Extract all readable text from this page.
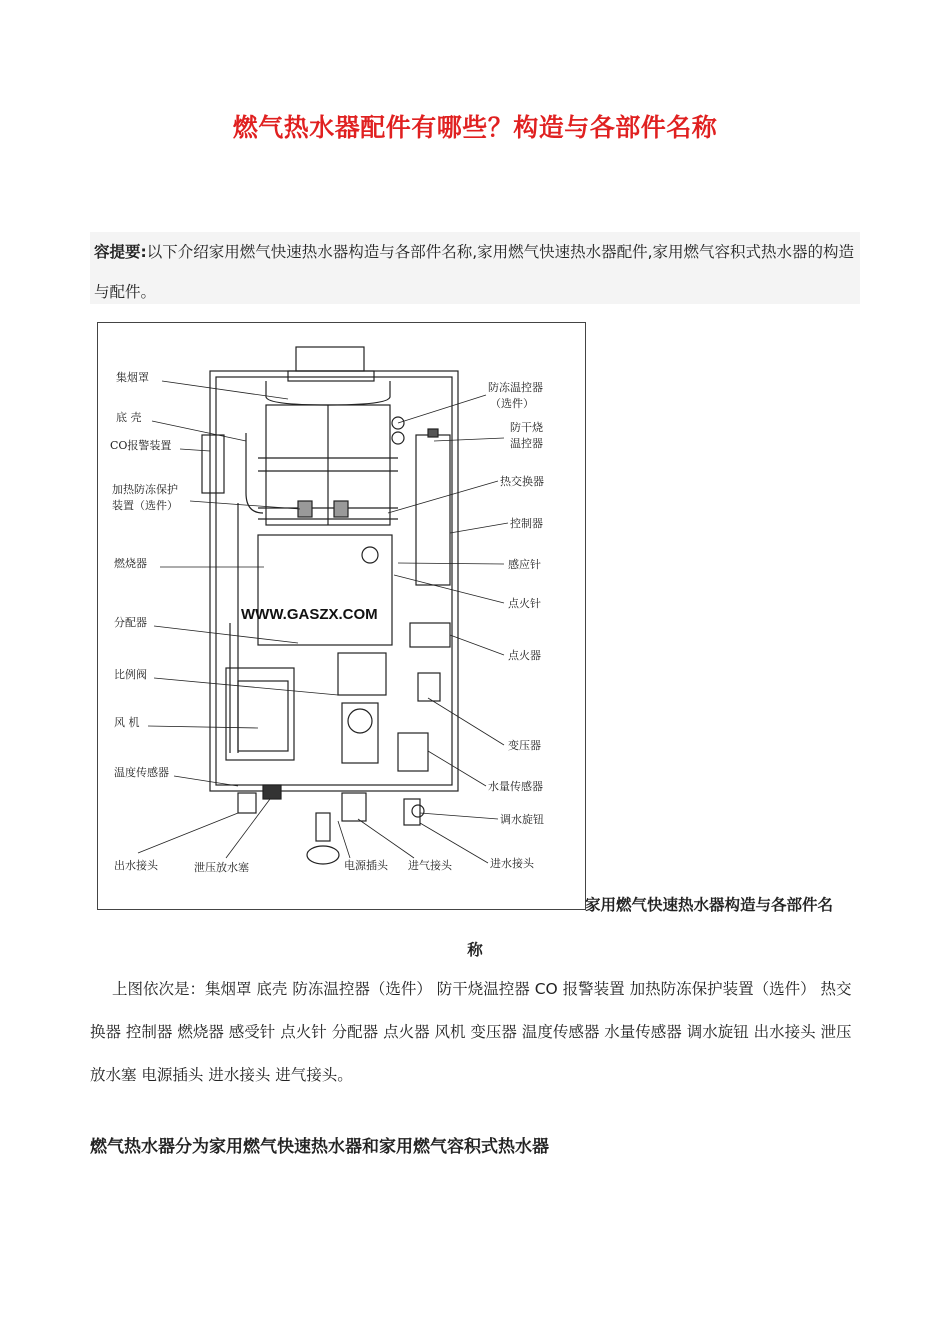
燃气热水器配件有哪些？构造与各部件名称

容提要:以下介绍家用燃气快速热水器构造与各部件名称,家用燃气快速热水器配件,家用燃气容积式热水器的构造与配件。

WWW.GASZX.COM
集烟罩
底 壳
CO报警装置
加热防冻保护
装置（选件）
燃烧器
分配器
比例阀
风 机
温度传感器
防冻温控器
（选件）
防干烧
温控器
热交换器
控制器
感应针
点火针
点火器
变压器
水量传感器
调水旋钮
进水接头
出水接头	泄压放水塞	电源插头 进气接头
家用燃气快速热水器构造与各部件名
称

上图依次是：集烟罩 底壳 防冻温控器（选件） 防干烧温控器 CO 报警装置 加热防冻保护装置（选件） 热交换器 控制器 燃烧器 感受针 点火针 分配器 点火器 风机 变压器 温度传感器 水量传感器 调水旋钮 出水接头 泄压放水塞 电源插头 进水接头 进气接头。

燃气热水器分为家用燃气快速热水器和家用燃气容积式热水器
